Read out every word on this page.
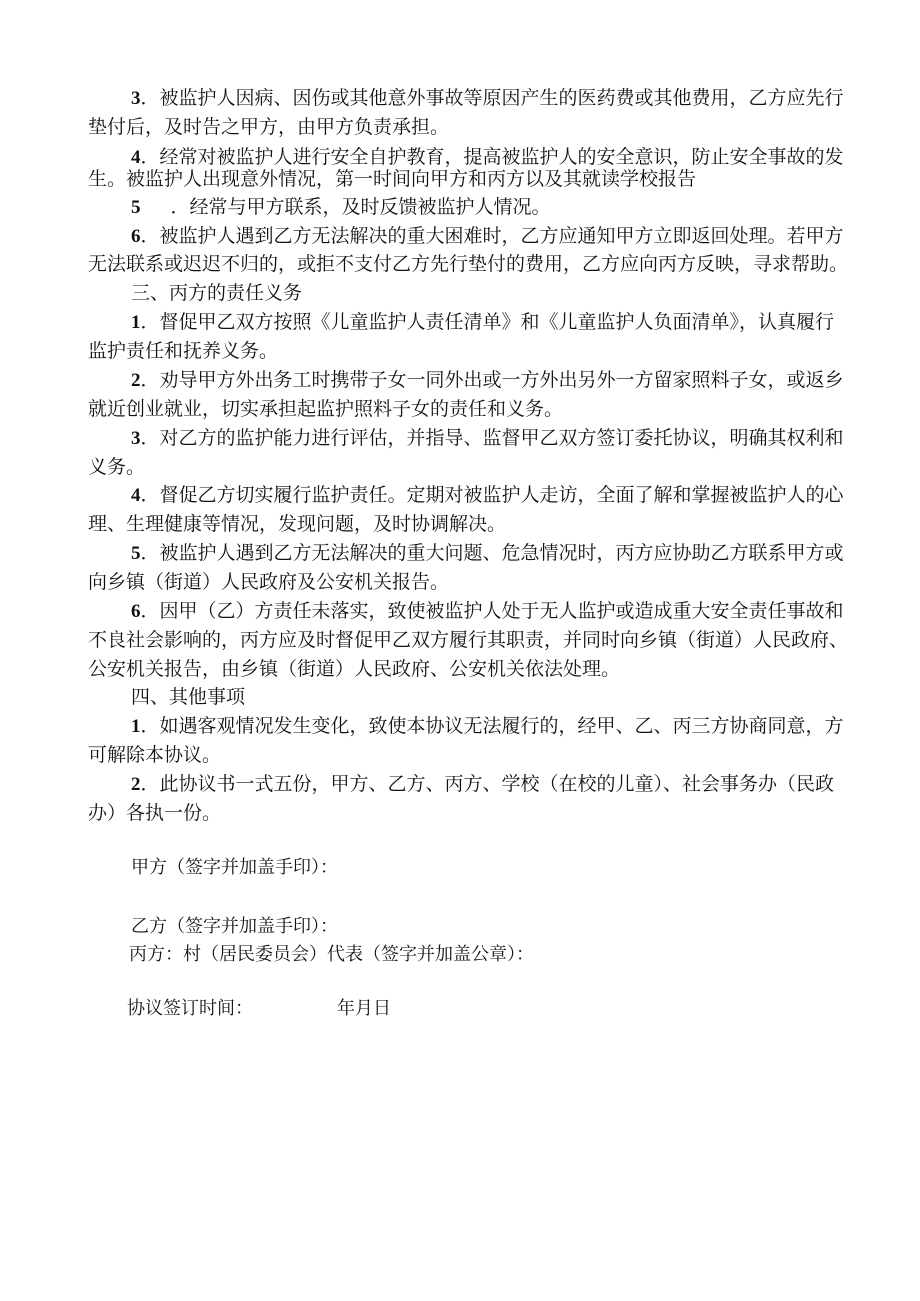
3．被监护人因病、因伤或其他意外事故等原因产生的医药费或其他费用，乙方应先行
垫付后，及时告之甲方，由甲方负责承担。
4．经常对被监护人进行安全自护教育，提高被监护人的安全意识，防止安全事故的发
生。被监护人出现意外情况，第一时间向甲方和丙方以及其就读学校报告
5 ．经常与甲方联系，及时反馈被监护人情况。
6．被监护人遇到乙方无法解决的重大困难时，乙方应通知甲方立即返回处理。若甲方
无法联系或迟迟不归的，或拒不支付乙方先行垫付的费用，乙方应向丙方反映，寻求帮助。
三、丙方的责任义务
1．督促甲乙双方按照《儿童监护人责任清单》和《儿童监护人负面清单》，认真履行
监护责任和抚养义务。
2．劝导甲方外出务工时携带子女一同外出或一方外出另外一方留家照料子女，或返乡
就近创业就业，切实承担起监护照料子女的责任和义务。
3．对乙方的监护能力进行评估，并指导、监督甲乙双方签订委托协议，明确其权利和
义务。
4．督促乙方切实履行监护责任。定期对被监护人走访，全面了解和掌握被监护人的心
理、生理健康等情况，发现问题，及时协调解决。
5．被监护人遇到乙方无法解决的重大问题、危急情况时，丙方应协助乙方联系甲方或
向乡镇（街道）人民政府及公安机关报告。
6．因甲（乙）方责任未落实，致使被监护人处于无人监护或造成重大安全责任事故和
不良社会影响的，丙方应及时督促甲乙双方履行其职责，并同时向乡镇（街道）人民政府、
公安机关报告，由乡镇（街道）人民政府、公安机关依法处理。
四、其他事项
1．如遇客观情况发生变化，致使本协议无法履行的，经甲、乙、丙三方协商同意，方
可解除本协议。
2．此协议书一式五份，甲方、乙方、丙方、学校（在校的儿童）、社会事务办（民政
办）各执一份。
甲方（签字并加盖手印）：
乙方（签字并加盖手印）：
丙方：村（居民委员会）代表（签字并加盖公章）：
协议签订时间：	年月日
